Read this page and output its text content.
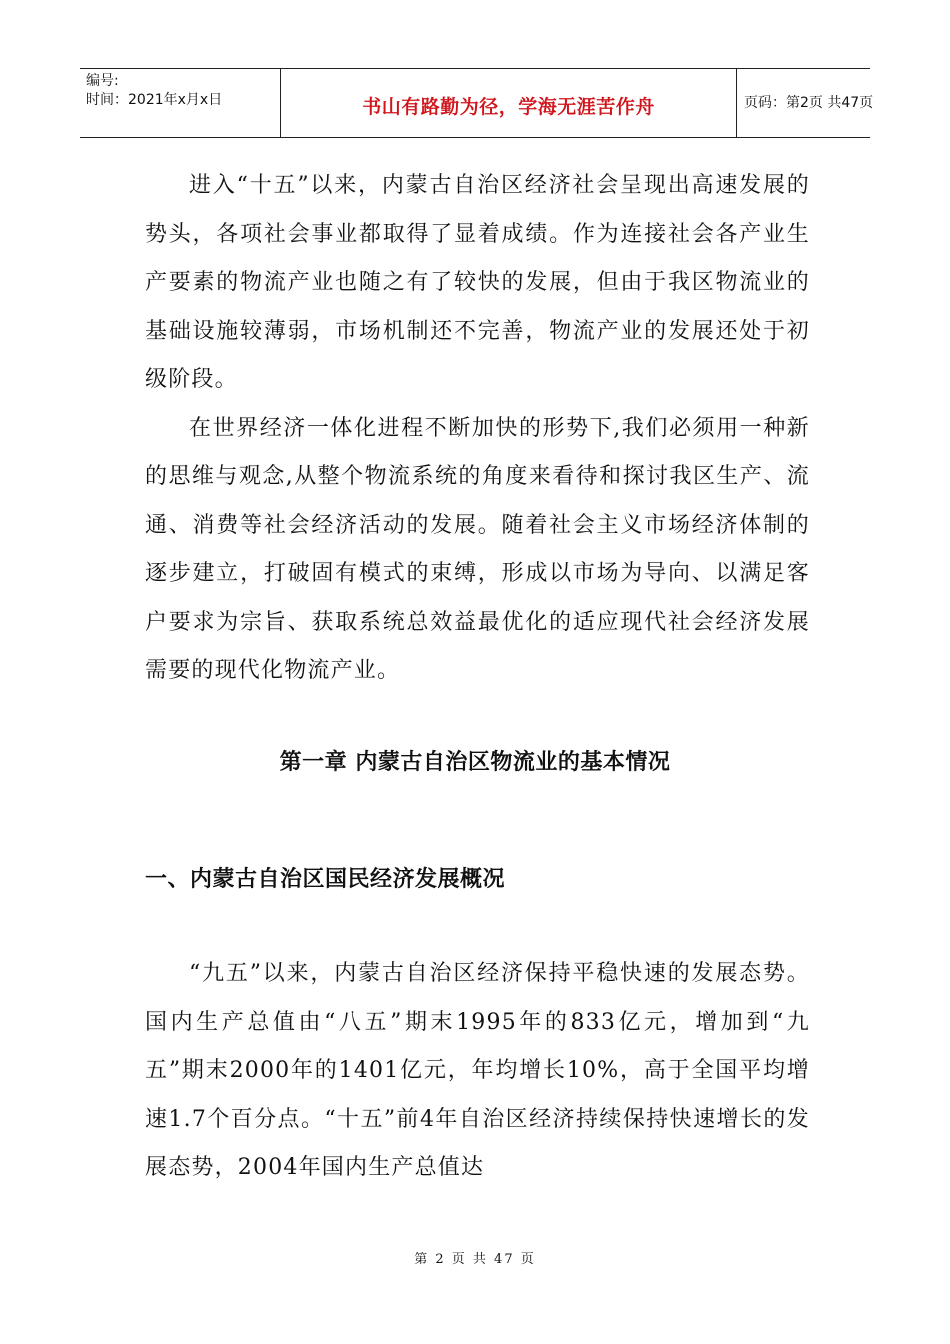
编号:
时间：2021年x月x日	书山有路勤为径，学海无涯苦作舟	页码：第2页 共47页

进入“十五”以来，内蒙古自治区经济社会呈现出高速发展的势头，各项社会事业都取得了显着成绩。作为连接社会各产业生产要素的物流产业也随之有了较快的发展，但由于我区物流业的基础设施较薄弱，市场机制还不完善，物流产业的发展还处于初级阶段。

在世界经济一体化进程不断加快的形势下,我们必须用一种新的思维与观念,从整个物流系统的角度来看待和探讨我区生产、流通、消费等社会经济活动的发展。随着社会主义市场经济体制的逐步建立，打破固有模式的束缚，形成以市场为导向、以满足客户要求为宗旨、获取系统总效益最优化的适应现代社会经济发展需要的现代化物流产业。

第一章 内蒙古自治区物流业的基本情况
一、内蒙古自治区国民经济发展概况

“九五”以来，内蒙古自治区经济保持平稳快速的发展态势。国内生产总值由“八五”期末1995年的833亿元，增加到“九五”期末2000年的1401亿元，年均增长10%，高于全国平均增速1.7个百分点。“十五”前4年自治区经济持续保持快速增长的发展态势，2004年国内生产总值达

第 2 页 共 47 页
